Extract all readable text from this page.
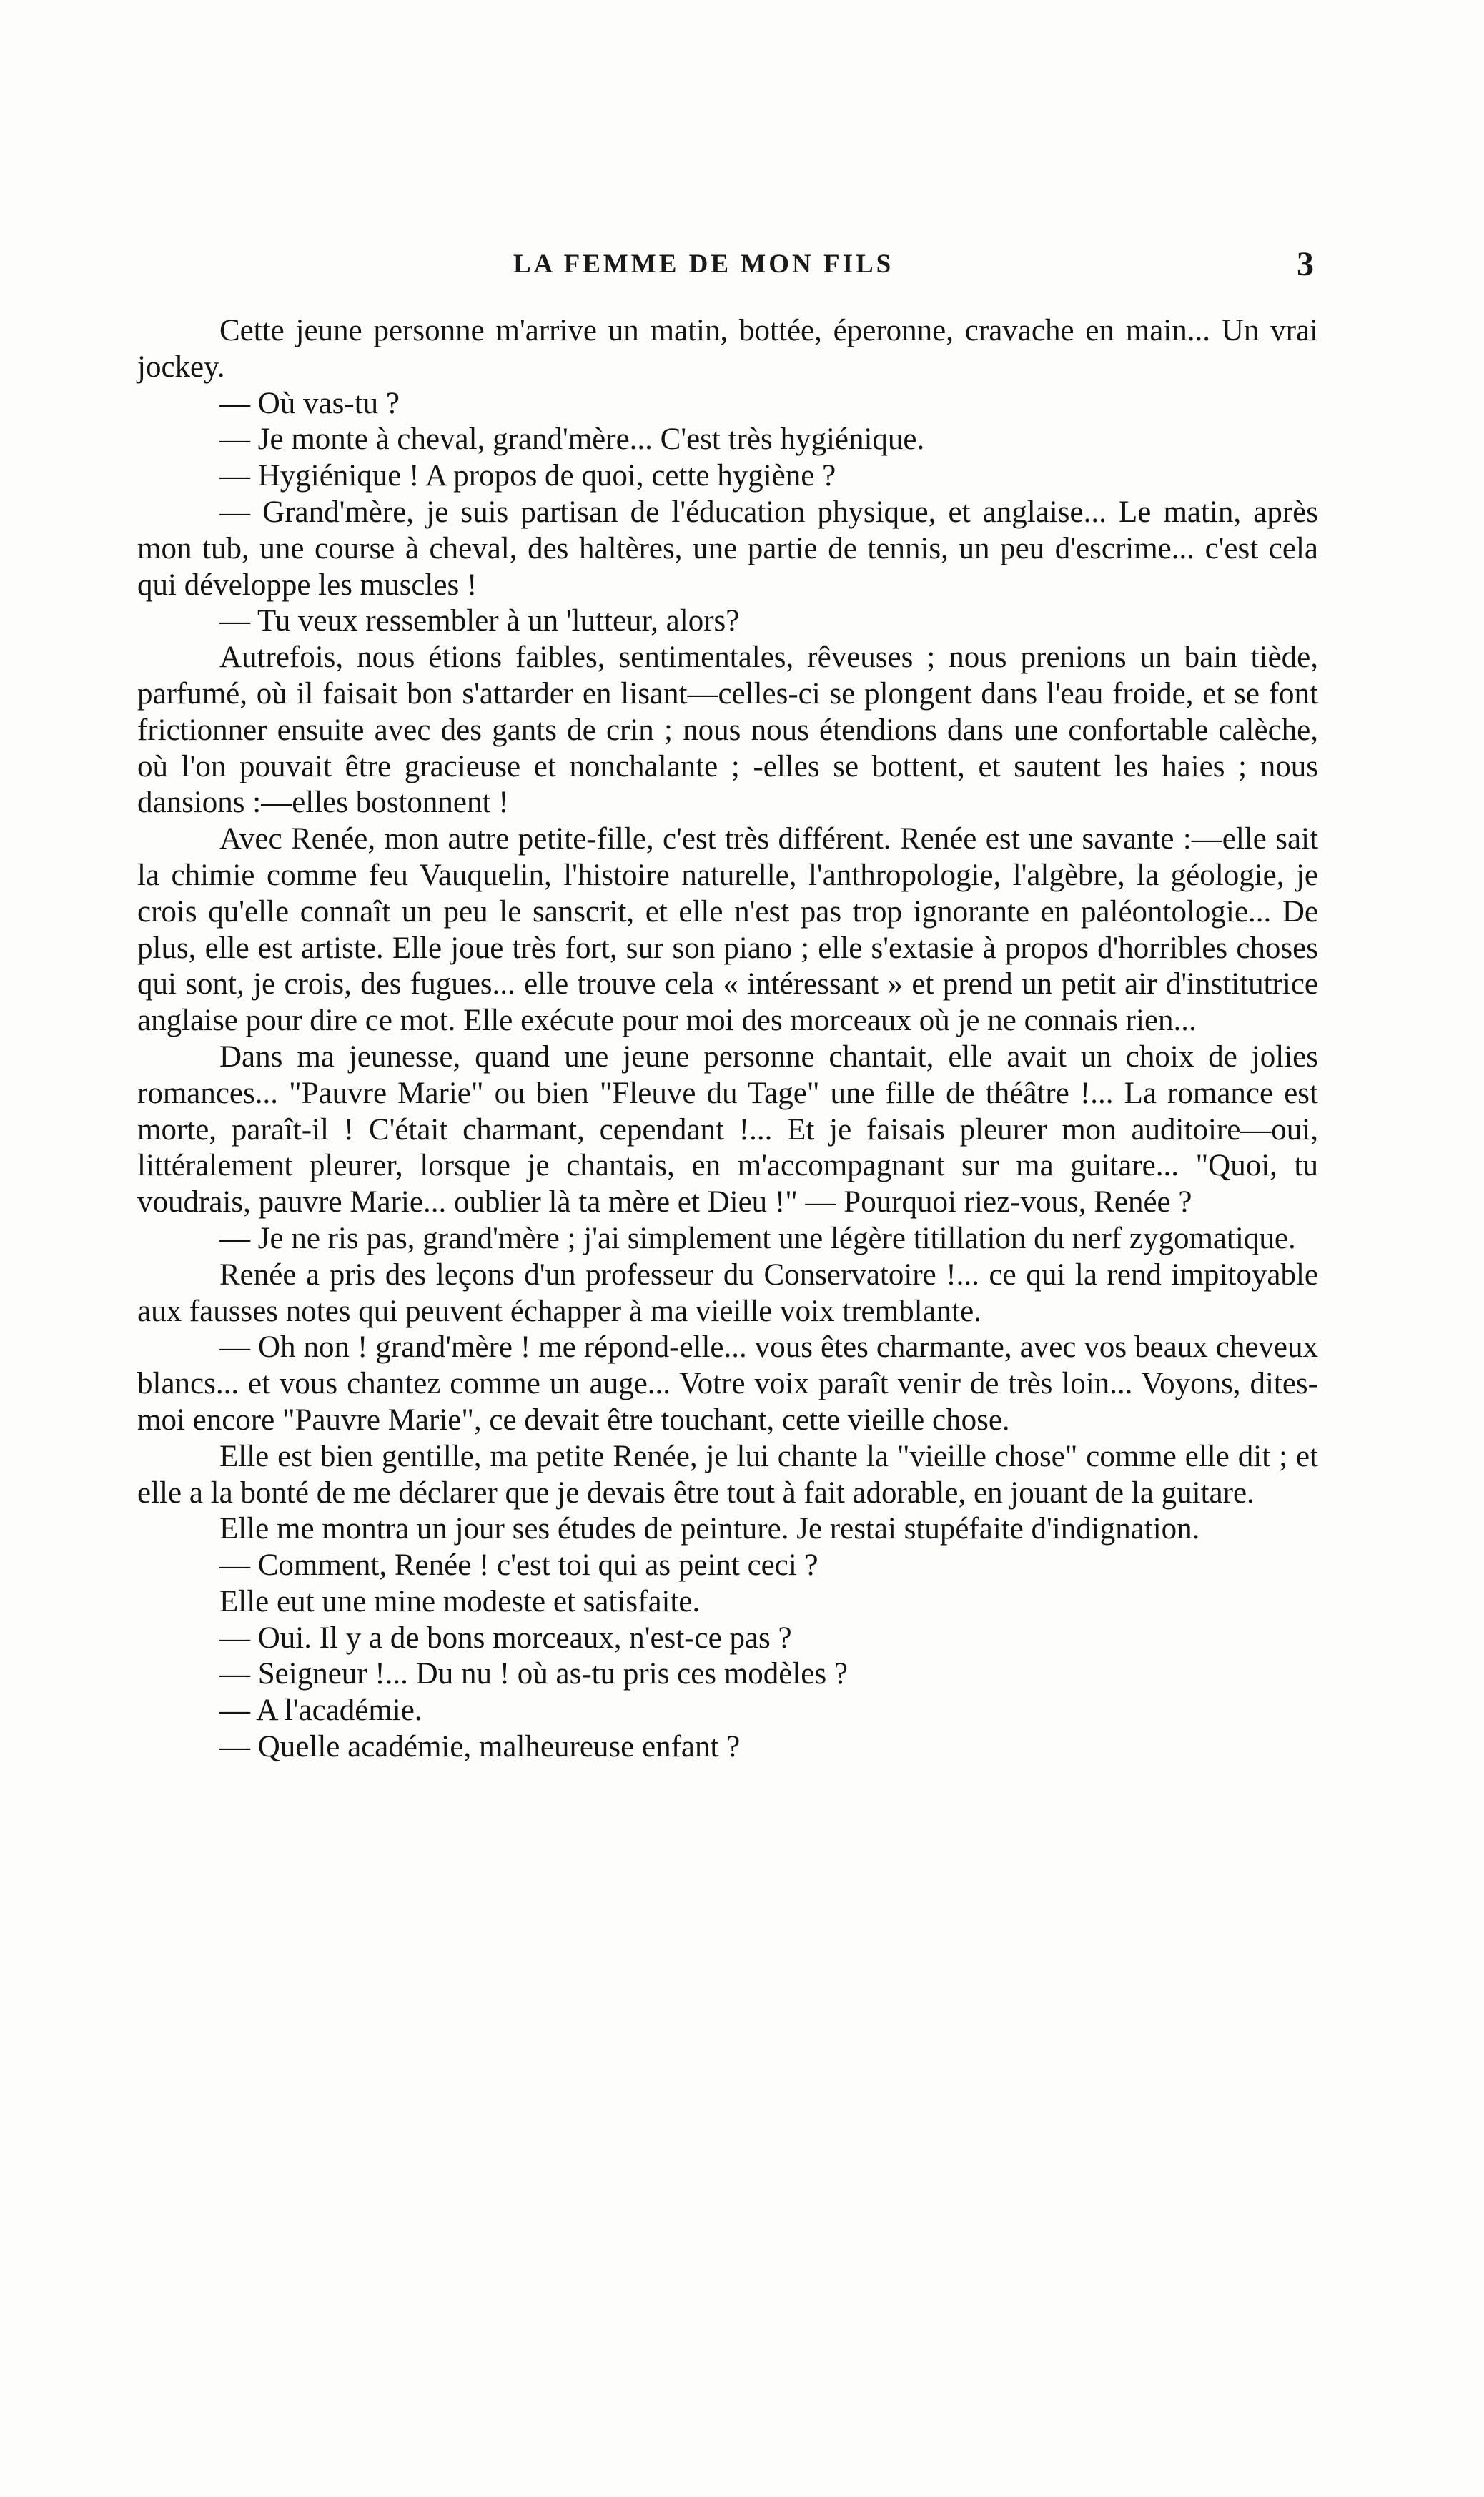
LA FEMME DE MON FILS	3

Cette jeune personne m'arrive un matin, bottée, éperonne, cravache en main... Un vrai jockey.

— Où vas-tu ?

— Je monte à cheval, grand'mère... C'est très hygiénique.

— Hygiénique ! A propos de quoi, cette hygiène ?

— Grand'mère, je suis partisan de l'éducation physique, et anglaise... Le matin, après mon tub, une course à cheval, des haltères, une partie de tennis, un peu d'escrime... c'est cela qui développe les muscles !

— Tu veux ressembler à un 'lutteur, alors?

Autrefois, nous étions faibles, sentimentales, rêveuses ; nous prenions un bain tiède, parfumé, où il faisait bon s'attarder en lisant—celles-ci se plongent dans l'eau froide, et se font frictionner ensuite avec des gants de crin ; nous nous étendions dans une confortable calèche, où l'on pouvait être gracieuse et nonchalante ; -elles se bottent, et sautent les haies ; nous dansions :—elles bostonnent !

Avec Renée, mon autre petite-fille, c'est très différent. Renée est une savante :—elle sait la chimie comme feu Vauquelin, l'histoire naturelle, l'anthropologie, l'algèbre, la géologie, je crois qu'elle connaît un peu le sanscrit, et elle n'est pas trop ignorante en paléontologie... De plus, elle est artiste. Elle joue très fort, sur son piano ; elle s'extasie à propos d'horribles choses qui sont, je crois, des fugues... elle trouve cela « intéressant » et prend un petit air d'institutrice anglaise pour dire ce mot. Elle exécute pour moi des morceaux où je ne connais rien...

Dans ma jeunesse, quand une jeune personne chantait, elle avait un choix de jolies romances... "Pauvre Marie" ou bien "Fleuve du Tage" une fille de théâtre !... La romance est morte, paraît-il ! C'était charmant, cependant !... Et je faisais pleurer mon auditoire—oui, littéralement pleurer, lorsque je chantais, en m'accompagnant sur ma guitare... "Quoi, tu voudrais, pauvre Marie... oublier là ta mère et Dieu !" — Pourquoi riez-vous, Renée ?

— Je ne ris pas, grand'mère ; j'ai simplement une légère titillation du nerf zygomatique.

Renée a pris des leçons d'un professeur du Conservatoire !... ce qui la rend impitoyable aux fausses notes qui peuvent échapper à ma vieille voix tremblante.

— Oh non ! grand'mère ! me répond-elle... vous êtes charmante, avec vos beaux cheveux blancs... et vous chantez comme un auge... Votre voix paraît venir de très loin... Voyons, dites-moi encore "Pauvre Marie", ce devait être touchant, cette vieille chose.

Elle est bien gentille, ma petite Renée, je lui chante la "vieille chose" comme elle dit ; et elle a la bonté de me déclarer que je devais être tout à fait adorable, en jouant de la guitare.

Elle me montra un jour ses études de peinture. Je restai stupéfaite d'indignation.

— Comment, Renée ! c'est toi qui as peint ceci ?

Elle eut une mine modeste et satisfaite.

— Oui. Il y a de bons morceaux, n'est-ce pas ?

— Seigneur !... Du nu ! où as-tu pris ces modèles ?

— A l'académie.

— Quelle académie, malheureuse enfant ?
